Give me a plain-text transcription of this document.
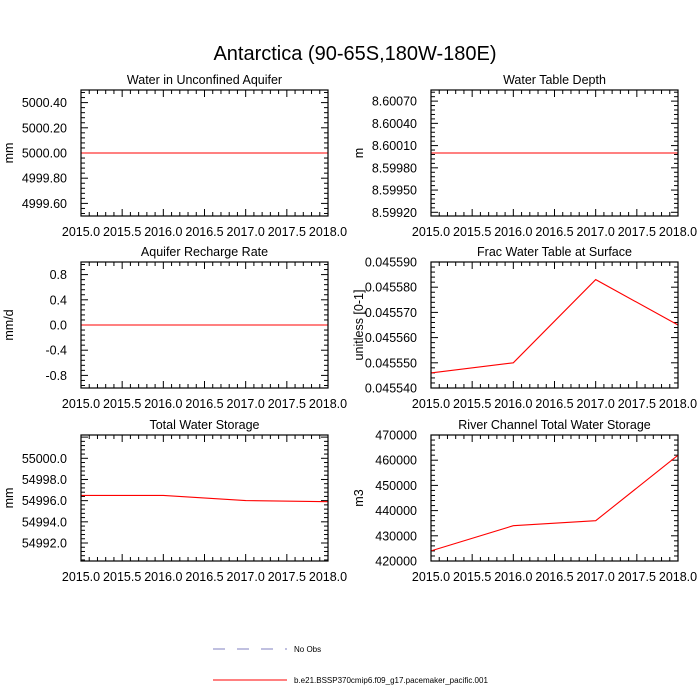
Antarctica (90-65S,180W-180E)
Water in Unconfined Aquifer
mm
2015.0 2015.5 2016.0 2016.5 2017.0 2017.5 2018.0
4999.60
4999.80
5000.00
5000.20
5000.40
Water Table Depth
m
2015.0 2015.5 2016.0 2016.5 2017.0 2017.5 2018.0
8.59920
8.59950
8.59980
8.60010
8.60040
8.60070
Aquifer Recharge Rate
mm/d
2015.0 2015.5 2016.0 2016.5 2017.0 2017.5 2018.0
-0.8
-0.4
0.0
0.4
0.8
Frac Water Table at Surface
unitless [0-1]
2015.0 2015.5 2016.0 2016.5 2017.0 2017.5 2018.0
0.045540
0.045550
0.045560
0.045570
0.045580
0.045590
Total Water Storage
mm
2015.0 2015.5 2016.0 2016.5 2017.0 2017.5 2018.0
54992.0
54994.0
54996.0
54998.0
55000.0
River Channel Total Water Storage
m3
2015.0 2015.5 2016.0 2016.5 2017.0 2017.5 2018.0
420000
430000
440000
450000
460000
470000
No Obs
b.e21.BSSP370cmip6.f09_g17.pacemaker_pacific.001
